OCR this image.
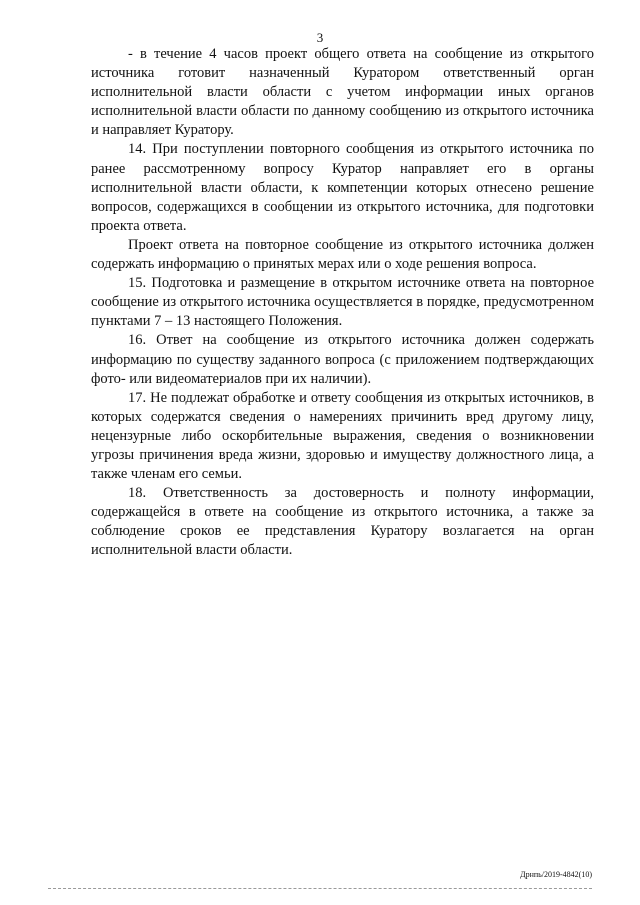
3

- в течение 4 часов проект общего ответа на сообщение из открытого источника готовит назначенный Куратором ответственный орган исполнительной власти области с учетом информации иных органов исполнительной власти области по данному сообщению из открытого источника и направляет Куратору.

14. При поступлении повторного сообщения из открытого источника по ранее рассмотренному вопросу Куратор направляет его в органы исполнительной власти области, к компетенции которых отнесено решение вопросов, содержащихся в сообщении из открытого источника, для подготовки проекта ответа.

Проект ответа на повторное сообщение из открытого источника должен содержать информацию о принятых мерах или о ходе решения вопроса.

15. Подготовка и размещение в открытом источнике ответа на повторное сообщение из открытого источника осуществляется в порядке, предусмотренном пунктами 7 – 13 настоящего Положения.

16. Ответ на сообщение из открытого источника должен содержать информацию по существу заданного вопроса (с приложением подтверждающих фото- или видеоматериалов при их наличии).

17. Не подлежат обработке и ответу сообщения из открытых источников, в которых содержатся сведения о намерениях причинить вред другому лицу, нецензурные либо оскорбительные выражения, сведения о возникновении угрозы причинения вреда жизни, здоровью и имуществу должностного лица, а также членам его семьи.

18. Ответственность за достоверность и полноту информации, содержащейся в ответе на сообщение из открытого источника, а также за соблюдение сроков ее представления Куратору возлагается на орган исполнительной власти области.

Дрнпь/2019-4842(10)
